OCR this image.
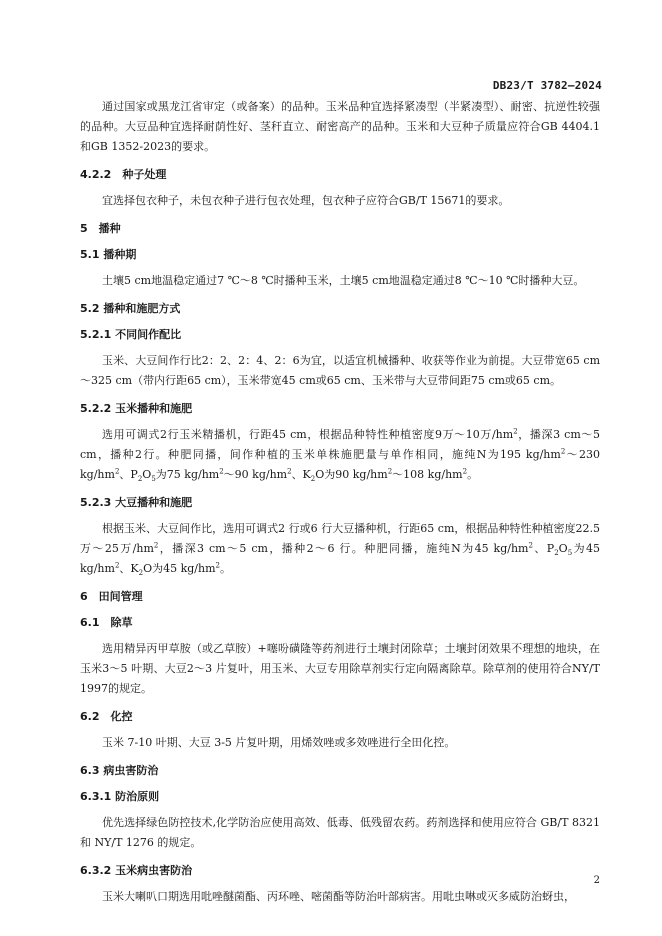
DB23/T 3782—2024

通过国家或黑龙江省审定（或备案）的品种。玉米品种宜选择紧凑型（半紧凑型）、耐密、抗逆性较强的品种。大豆品种宜选择耐荫性好、茎秆直立、耐密高产的品种。玉米和大豆种子质量应符合GB 4404.1和GB 1352-2023的要求。

4.2.2　种子处理

宜选择包衣种子，未包衣种子进行包衣处理，包衣种子应符合GB/T 15671的要求。

5　播种

5.1 播种期

土壤5 cm地温稳定通过7 ℃～8 ℃时播种玉米，土壤5 cm地温稳定通过8 ℃～10 ℃时播种大豆。

5.2 播种和施肥方式

5.2.1 不同间作配比

玉米、大豆间作行比2：2、2：4、2：6为宜，以适宜机械播种、收获等作业为前提。大豆带宽65 cm～325 cm（带内行距65 cm），玉米带宽45 cm或65 cm、玉米带与大豆带间距75 cm或65 cm。

5.2.2 玉米播种和施肥

选用可调式2行玉米精播机，行距45 cm，根据品种特性种植密度9万～10万$/hm^2$，播深3 cm～5 cm，播种2行。种肥同播，间作种植的玉米单株施肥量与单作相同，施纯N为195 $kg/hm^2\sim 230$ $kg/hm^2$、$P_2O_5$为75 $kg/hm^2\sim 90$ $kg/hm^2$、$K_2O$为90 $kg/hm^2\sim 108$ $kg/hm^2$。

5.2.3 大豆播种和施肥

根据玉米、大豆间作比，选用可调式2 行或6 行大豆播种机，行距65 cm，根据品种特性种植密度22.5万～25万$/hm^2$，播深3 cm～5 cm，播种2～6 行。种肥同播，施纯N为45 $kg/hm^2$、$P_2O_5$为45 $kg/hm^2$、$K_2O$为45 $kg/hm^2$。

6　田间管理

6.1　除草

选用精异丙甲草胺（或乙草胺）+噻吩磺隆等药剂进行土壤封闭除草；土壤封闭效果不理想的地块，在玉米3～5 叶期、大豆2～3 片复叶，用玉米、大豆专用除草剂实行定向隔离除草。除草剂的使用符合NY/T 1997的规定。

6.2　化控

玉米 7-10 叶期、大豆 3-5 片复叶期，用烯效唑或多效唑进行全田化控。

6.3 病虫害防治

6.3.1 防治原则

优先选择绿色防控技术,化学防治应使用高效、低毒、低残留农药。药剂选择和使用应符合 GB/T 8321和 NY/T 1276 的规定。

6.3.2 玉米病虫害防治

玉米大喇叭口期选用吡唑醚菌酯、丙环唑、嘧菌酯等防治叶部病害。用吡虫啉或灭多威防治蚜虫，

2
